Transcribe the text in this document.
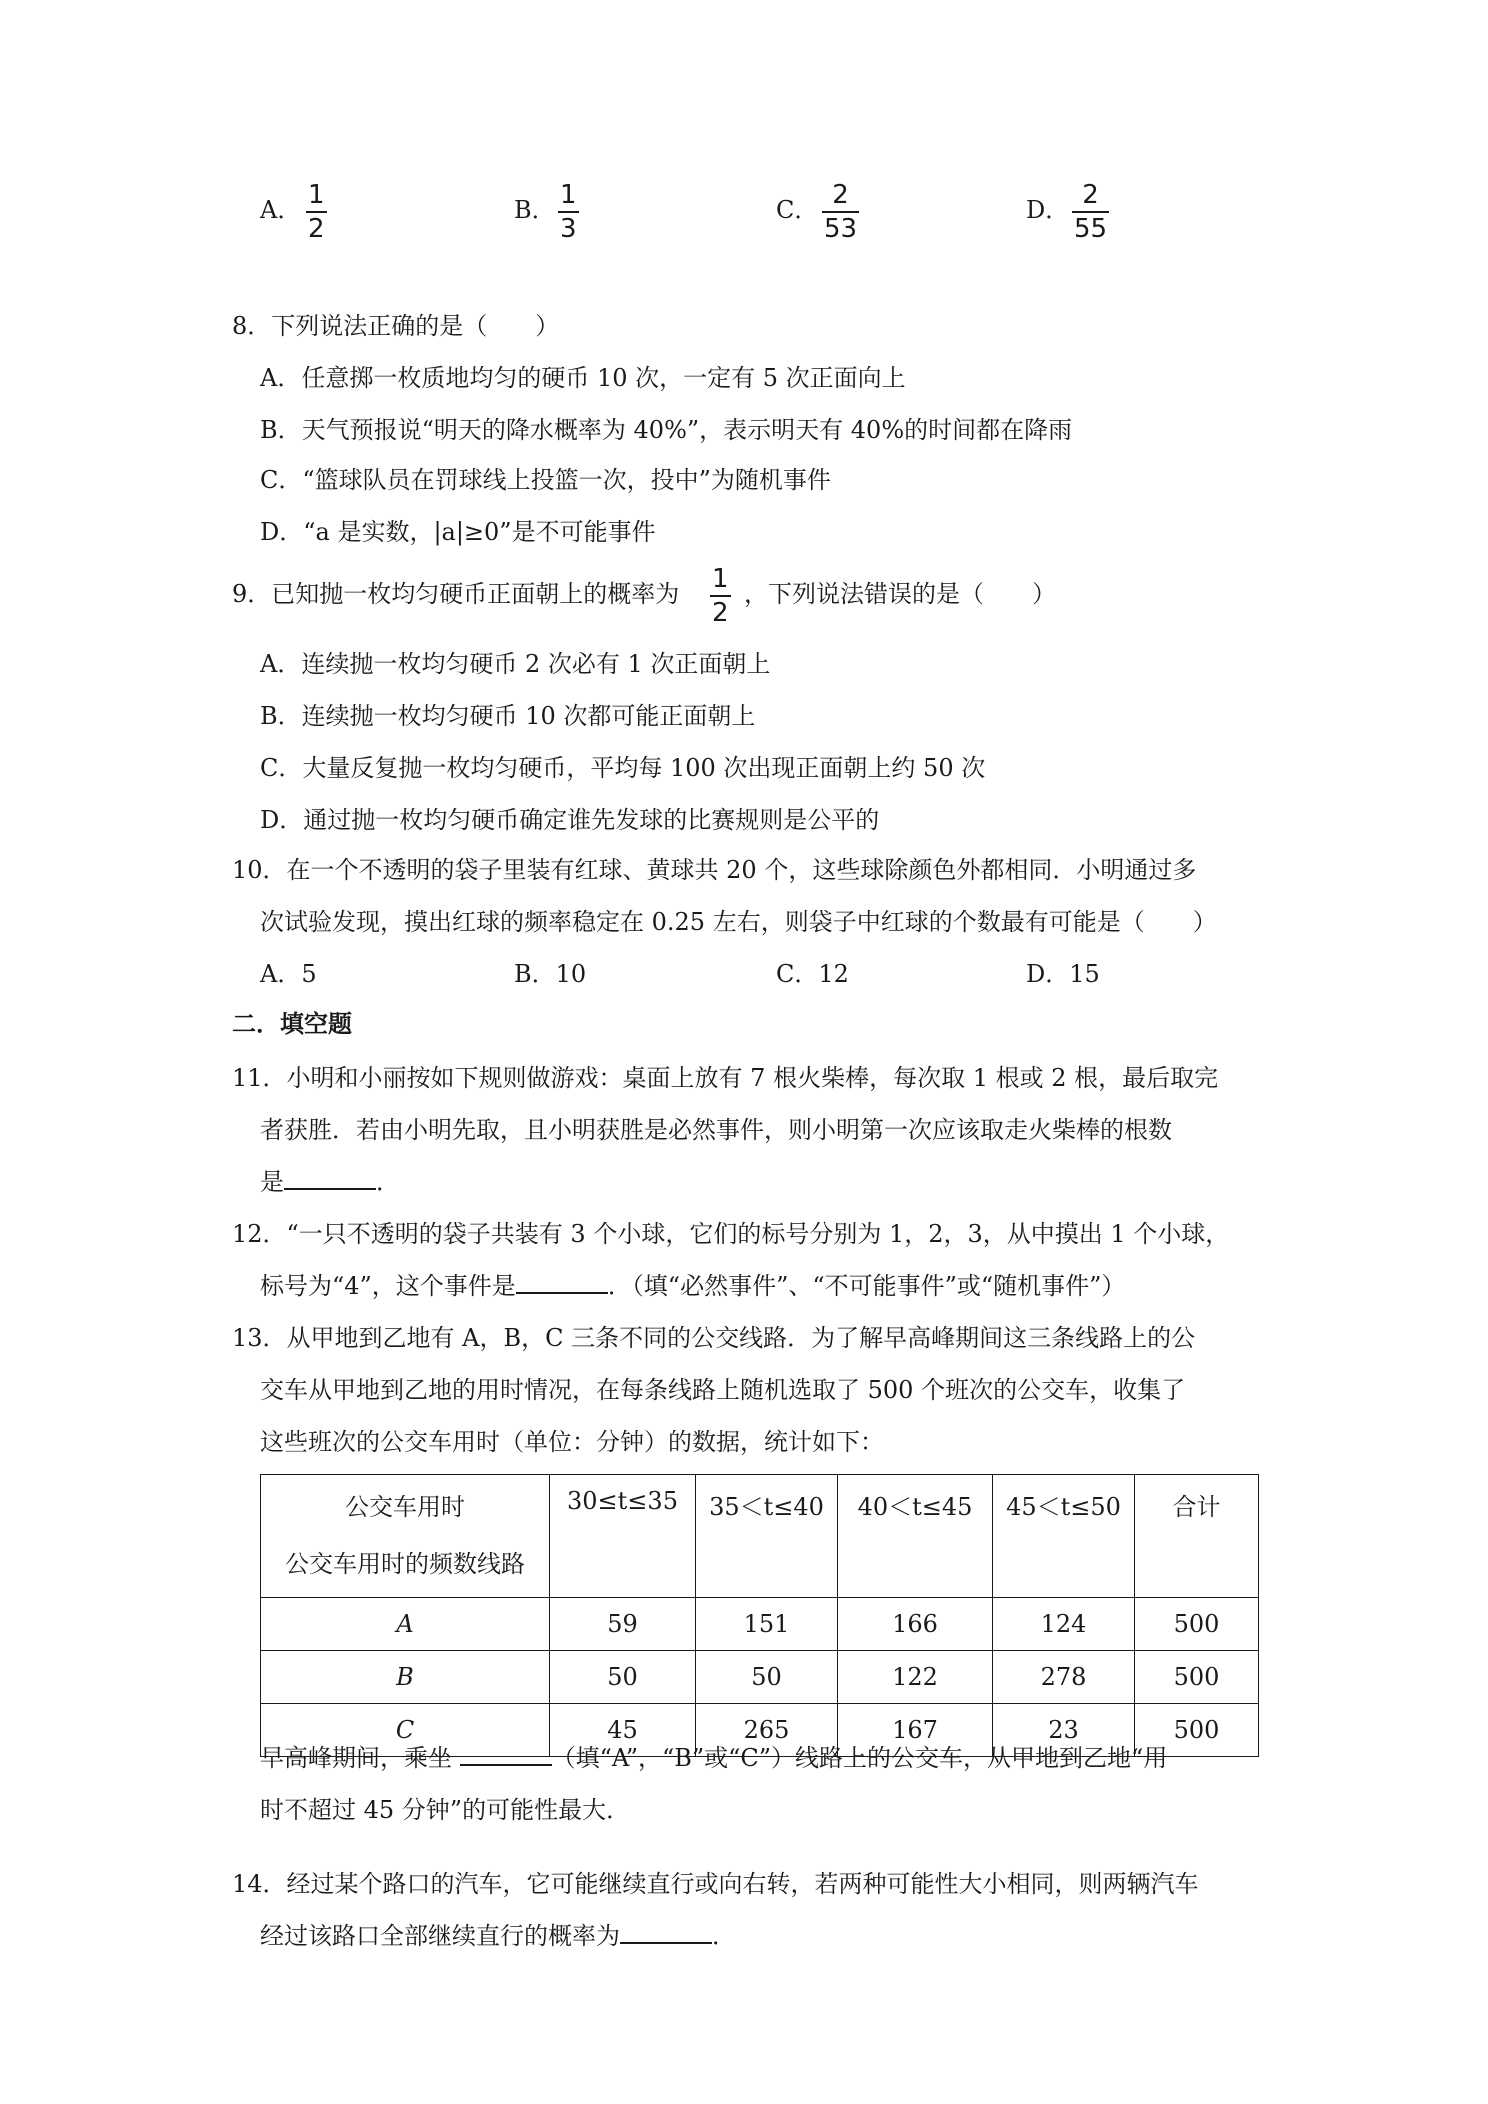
A． 1
2
B． 1
3
C． 2
53
D． 2
55
8．下列说法正确的是（　　）
A．任意掷一枚质地均匀的硬币 10 次，一定有 5 次正面向上
B．天气预报说“明天的降水概率为 40%”，表示明天有 40%的时间都在降雨
C．“篮球队员在罚球线上投篮一次，投中”为随机事件
D．“a 是实数，|a|≥0”是不可能事件
9．已知抛一枚均匀硬币正面朝上的概率为 1
2
，下列说法错误的是（　　）
A．连续抛一枚均匀硬币 2 次必有 1 次正面朝上
B．连续抛一枚均匀硬币 10 次都可能正面朝上
C．大量反复抛一枚均匀硬币，平均每 100 次出现正面朝上约 50 次
D．通过抛一枚均匀硬币确定谁先发球的比赛规则是公平的
10．在一个不透明的袋子里装有红球、黄球共 20 个，这些球除颜色外都相同．小明通过多
次试验发现，摸出红球的频率稳定在 0.25 左右，则袋子中红球的个数最有可能是（　　）
A．5	B．10	C．12	D．15
二．填空题
11．小明和小丽按如下规则做游戏：桌面上放有 7 根火柴棒，每次取 1 根或 2 根，最后取完
者获胜．若由小明先取，且小明获胜是必然事件，则小明第一次应该取走火柴棒的根数
是	．
12．“一只不透明的袋子共装有 3 个小球，它们的标号分别为 1，2，3，从中摸出 1 个小球，
标号为“4”，这个事件是	．（填“必然事件”、“不可能事件”或“随机事件”）
13．从甲地到乙地有 A，B，C 三条不同的公交线路．为了解早高峰期间这三条线路上的公
交车从甲地到乙地的用时情况，在每条线路上随机选取了 500 个班次的公交车，收集了
这些班次的公交车用时（单位：分钟）的数据，统计如下：
公交车用时
公交车用时的频数线路	30≤t≤35	35＜t≤40	40＜t≤45	45＜t≤50	合计
A	59	151	166	124	500
B	50	50	122	278	500
C	45	265	167	23	500
早高峰期间，乘坐	（填“A”，“B”或“C”）线路上的公交车，从甲地到乙地“用
时不超过 45 分钟”的可能性最大．
14．经过某个路口的汽车，它可能继续直行或向右转，若两种可能性大小相同，则两辆汽车
经过该路口全部继续直行的概率为	．
